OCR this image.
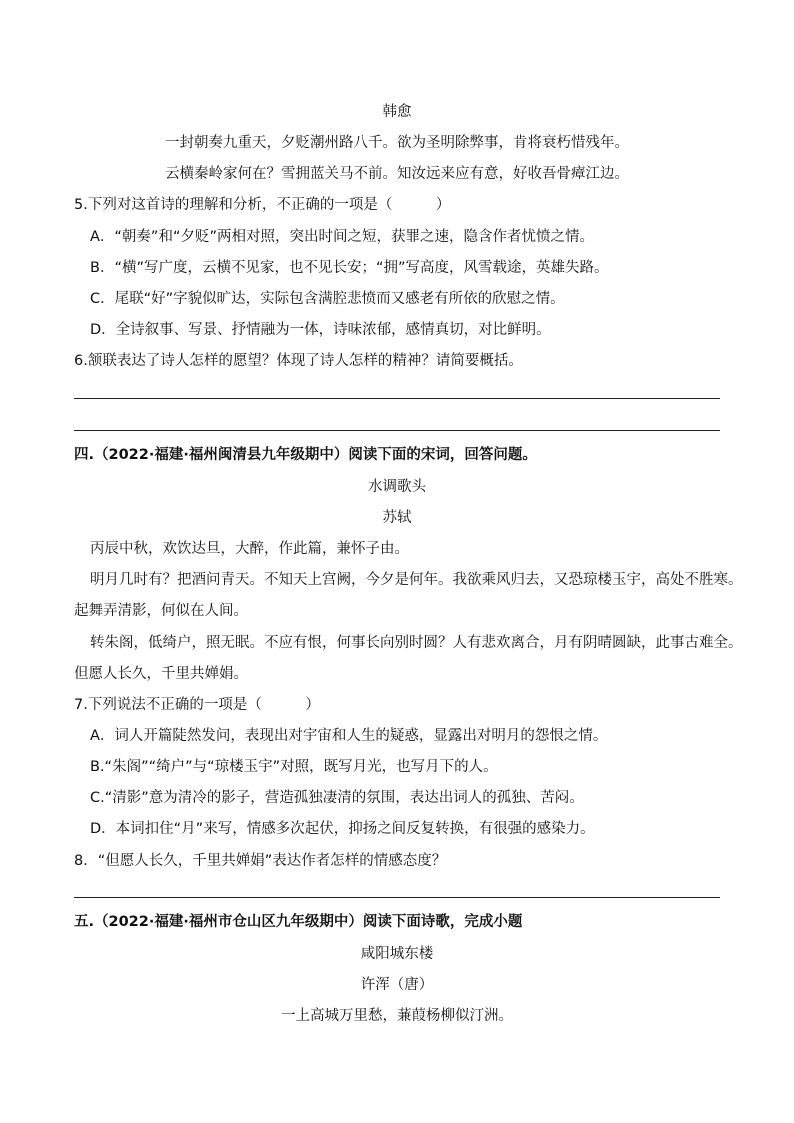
韩愈
一封朝奏九重天，夕贬潮州路八千。欲为圣明除弊事，肯将衰朽惜残年。
云横秦岭家何在？雪拥蓝关马不前。知汝远来应有意，好收吾骨瘴江边。
5.下列对这首诗的理解和分析，不正确的一项是（　　　）
A．“朝奏”和“夕贬”两相对照，突出时间之短，获罪之速，隐含作者忧愤之情。
B．“横”写广度，云横不见家，也不见长安；“拥”写高度，风雪载途，英雄失路。
C．尾联“好”字貌似旷达，实际包含满腔悲愤而又感老有所依的欣慰之情。
D．全诗叙事、写景、抒情融为一体，诗味浓郁，感情真切，对比鲜明。
6.颔联表达了诗人怎样的愿望？体现了诗人怎样的精神？请简要概括。
四.（2022·福建·福州闽清县九年级期中）阅读下面的宋词，回答问题。
水调歌头
苏轼
丙辰中秋，欢饮达旦，大醉，作此篇，兼怀子由。
明月几时有？把酒问青天。不知天上宫阙，今夕是何年。我欲乘风归去，又恐琼楼玉宇，高处不胜寒。
起舞弄清影，何似在人间。
转朱阁，低绮户，照无眠。不应有恨，何事长向别时圆？人有悲欢离合，月有阴晴圆缺，此事古难全。
但愿人长久，千里共婵娟。
7.下列说法不正确的一项是（　　　）
A．词人开篇陡然发问，表现出对宇宙和人生的疑惑，显露出对明月的怨恨之情。
B.“朱阁”“绮户”与“琼楼玉宇”对照，既写月光，也写月下的人。
C.“清影”意为清冷的影子，营造孤独凄清的氛围，表达出词人的孤独、苦闷。
D．本词扣住“月”来写，情感多次起伏，抑扬之间反复转换，有很强的感染力。
8．“但愿人长久，千里共婵娟”表达作者怎样的情感态度？
五.（2022·福建·福州市仓山区九年级期中）阅读下面诗歌，完成小题
咸阳城东楼
许浑（唐）
一上高城万里愁，蒹葭杨柳似汀洲。
